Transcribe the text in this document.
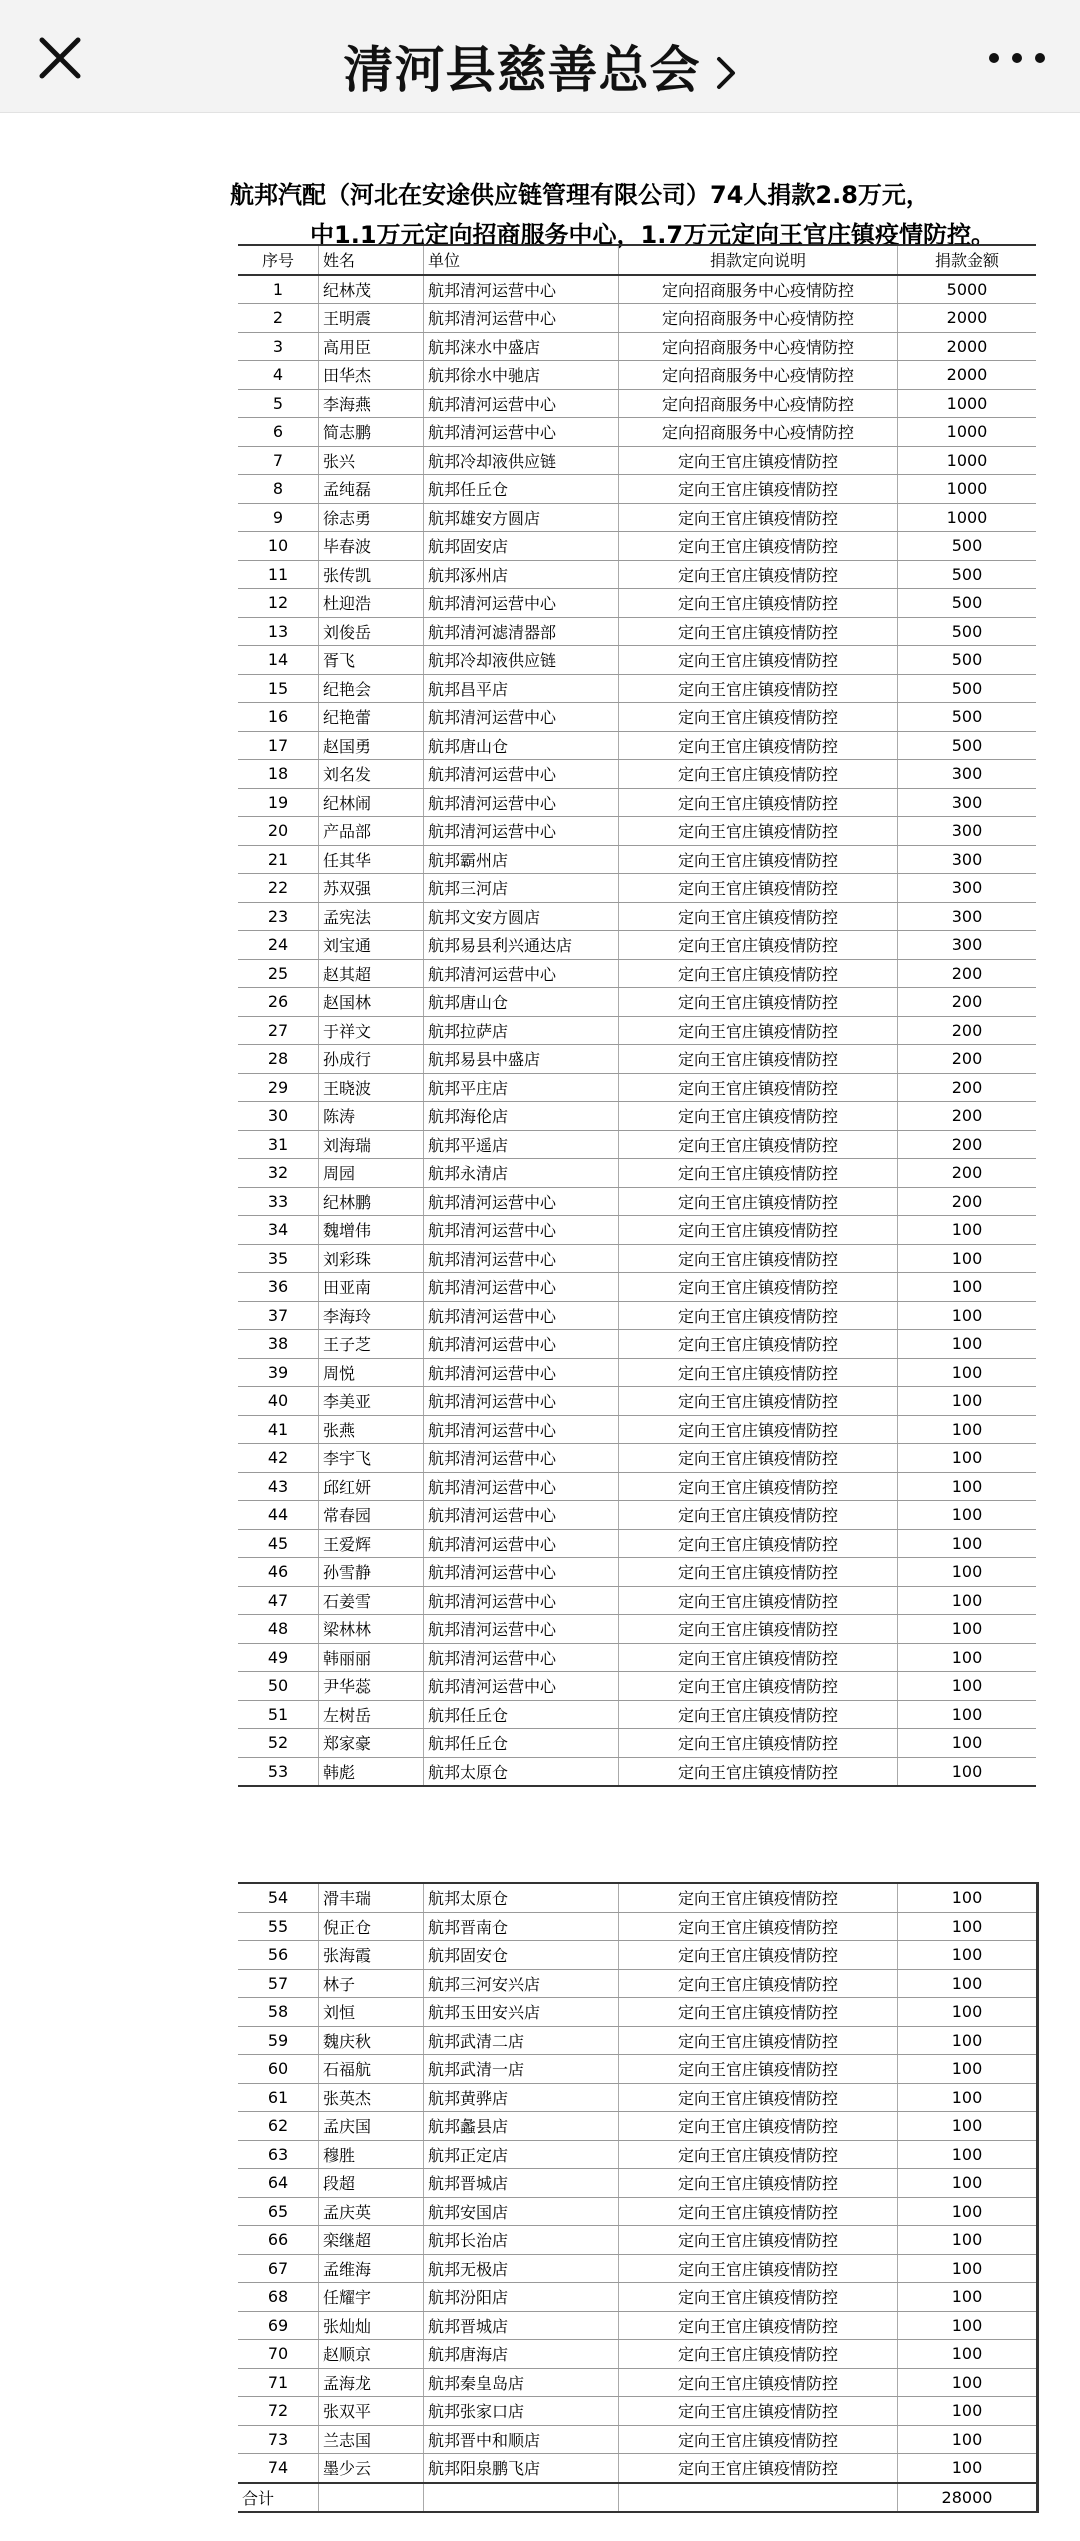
清河县慈善总会
航邦汽配（河北在安途供应链管理有限公司）74人捐款2.8万元，
中1.1万元定向招商服务中心，1.7万元定向王官庄镇疫情防控。
序号	姓名	单位	捐款定向说明	捐款金额
1	纪林茂	航邦清河运营中心	定向招商服务中心疫情防控	5000
2	王明震	航邦清河运营中心	定向招商服务中心疫情防控	2000
3	高用臣	航邦涞水中盛店	定向招商服务中心疫情防控	2000
4	田华杰	航邦徐水中驰店	定向招商服务中心疫情防控	2000
5	李海燕	航邦清河运营中心	定向招商服务中心疫情防控	1000
6	简志鹏	航邦清河运营中心	定向招商服务中心疫情防控	1000
7	张兴	航邦冷却液供应链	定向王官庄镇疫情防控	1000
8	孟纯磊	航邦任丘仓	定向王官庄镇疫情防控	1000
9	徐志勇	航邦雄安方圆店	定向王官庄镇疫情防控	1000
10	毕春波	航邦固安店	定向王官庄镇疫情防控	500
11	张传凯	航邦涿州店	定向王官庄镇疫情防控	500
12	杜迎浩	航邦清河运营中心	定向王官庄镇疫情防控	500
13	刘俊岳	航邦清河滤清器部	定向王官庄镇疫情防控	500
14	胥飞	航邦冷却液供应链	定向王官庄镇疫情防控	500
15	纪艳会	航邦昌平店	定向王官庄镇疫情防控	500
16	纪艳蕾	航邦清河运营中心	定向王官庄镇疫情防控	500
17	赵国勇	航邦唐山仓	定向王官庄镇疫情防控	500
18	刘名发	航邦清河运营中心	定向王官庄镇疫情防控	300
19	纪林闹	航邦清河运营中心	定向王官庄镇疫情防控	300
20	产品部	航邦清河运营中心	定向王官庄镇疫情防控	300
21	任其华	航邦霸州店	定向王官庄镇疫情防控	300
22	苏双强	航邦三河店	定向王官庄镇疫情防控	300
23	孟宪法	航邦文安方圆店	定向王官庄镇疫情防控	300
24	刘宝通	航邦易县利兴通达店	定向王官庄镇疫情防控	300
25	赵其超	航邦清河运营中心	定向王官庄镇疫情防控	200
26	赵国林	航邦唐山仓	定向王官庄镇疫情防控	200
27	于祥文	航邦拉萨店	定向王官庄镇疫情防控	200
28	孙成行	航邦易县中盛店	定向王官庄镇疫情防控	200
29	王晓波	航邦平庄店	定向王官庄镇疫情防控	200
30	陈涛	航邦海伦店	定向王官庄镇疫情防控	200
31	刘海瑞	航邦平遥店	定向王官庄镇疫情防控	200
32	周园	航邦永清店	定向王官庄镇疫情防控	200
33	纪林鹏	航邦清河运营中心	定向王官庄镇疫情防控	200
34	魏增伟	航邦清河运营中心	定向王官庄镇疫情防控	100
35	刘彩珠	航邦清河运营中心	定向王官庄镇疫情防控	100
36	田亚南	航邦清河运营中心	定向王官庄镇疫情防控	100
37	李海玲	航邦清河运营中心	定向王官庄镇疫情防控	100
38	王子芝	航邦清河运营中心	定向王官庄镇疫情防控	100
39	周悦	航邦清河运营中心	定向王官庄镇疫情防控	100
40	李美亚	航邦清河运营中心	定向王官庄镇疫情防控	100
41	张燕	航邦清河运营中心	定向王官庄镇疫情防控	100
42	李宇飞	航邦清河运营中心	定向王官庄镇疫情防控	100
43	邱红妍	航邦清河运营中心	定向王官庄镇疫情防控	100
44	常春园	航邦清河运营中心	定向王官庄镇疫情防控	100
45	王爱辉	航邦清河运营中心	定向王官庄镇疫情防控	100
46	孙雪静	航邦清河运营中心	定向王官庄镇疫情防控	100
47	石姜雪	航邦清河运营中心	定向王官庄镇疫情防控	100
48	梁林林	航邦清河运营中心	定向王官庄镇疫情防控	100
49	韩丽丽	航邦清河运营中心	定向王官庄镇疫情防控	100
50	尹华蕊	航邦清河运营中心	定向王官庄镇疫情防控	100
51	左树岳	航邦任丘仓	定向王官庄镇疫情防控	100
52	郑家豪	航邦任丘仓	定向王官庄镇疫情防控	100
53	韩彪	航邦太原仓	定向王官庄镇疫情防控	100
54	滑丰瑞	航邦太原仓	定向王官庄镇疫情防控	100
55	倪正仓	航邦晋南仓	定向王官庄镇疫情防控	100
56	张海霞	航邦固安仓	定向王官庄镇疫情防控	100
57	林子	航邦三河安兴店	定向王官庄镇疫情防控	100
58	刘恒	航邦玉田安兴店	定向王官庄镇疫情防控	100
59	魏庆秋	航邦武清二店	定向王官庄镇疫情防控	100
60	石福航	航邦武清一店	定向王官庄镇疫情防控	100
61	张英杰	航邦黄骅店	定向王官庄镇疫情防控	100
62	孟庆国	航邦蠡县店	定向王官庄镇疫情防控	100
63	穆胜	航邦正定店	定向王官庄镇疫情防控	100
64	段超	航邦晋城店	定向王官庄镇疫情防控	100
65	孟庆英	航邦安国店	定向王官庄镇疫情防控	100
66	栾继超	航邦长治店	定向王官庄镇疫情防控	100
67	孟维海	航邦无极店	定向王官庄镇疫情防控	100
68	任耀宇	航邦汾阳店	定向王官庄镇疫情防控	100
69	张灿灿	航邦晋城店	定向王官庄镇疫情防控	100
70	赵顺京	航邦唐海店	定向王官庄镇疫情防控	100
71	孟海龙	航邦秦皇岛店	定向王官庄镇疫情防控	100
72	张双平	航邦张家口店	定向王官庄镇疫情防控	100
73	兰志国	航邦晋中和顺店	定向王官庄镇疫情防控	100
74	墨少云	航邦阳泉鹏飞店	定向王官庄镇疫情防控	100
合计				28000
